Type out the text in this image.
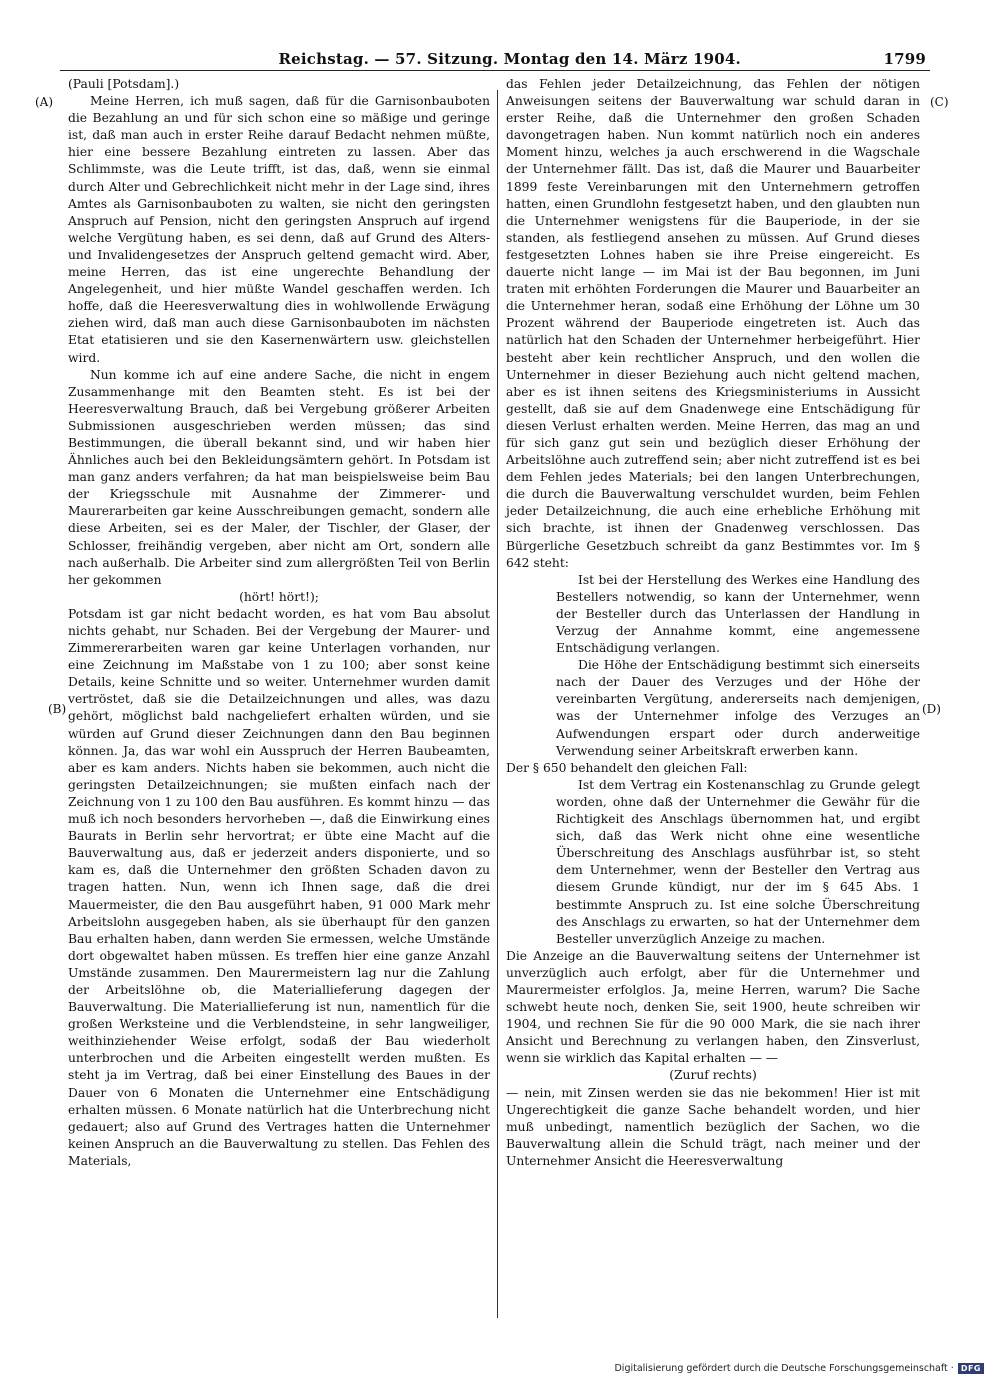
Reichstag. — 57. Sitzung. Montag den 14. März 1904.	1799
(A)
(B)
(C)
(D)

(Pauli [Potsdam].)

Meine Herren, ich muß sagen, daß für die Garnisonbauboten die Bezahlung an und für sich schon eine so mäßige und geringe ist, daß man auch in erster Reihe darauf Bedacht nehmen müßte, hier eine bessere Bezahlung eintreten zu lassen. Aber das Schlimmste, was die Leute trifft, ist das, daß, wenn sie einmal durch Alter und Gebrechlichkeit nicht mehr in der Lage sind, ihres Amtes als Garnisonbauboten zu walten, sie nicht den geringsten Anspruch auf Pension, nicht den geringsten Anspruch auf irgend welche Vergütung haben, es sei denn, daß auf Grund des Alters- und Invalidengesetzes der Anspruch geltend gemacht wird. Aber, meine Herren, das ist eine ungerechte Behandlung der Angelegenheit, und hier müßte Wandel geschaffen werden. Ich hoffe, daß die Heeresverwaltung dies in wohlwollende Erwägung ziehen wird, daß man auch diese Garnisonbauboten im nächsten Etat etatisieren und sie den Kasernenwärtern usw. gleichstellen wird.

Nun komme ich auf eine andere Sache, die nicht in engem Zusammenhange mit den Beamten steht. Es ist bei der Heeresverwaltung Brauch, daß bei Vergebung größerer Arbeiten Submissionen ausgeschrieben werden müssen; das sind Bestimmungen, die überall bekannt sind, und wir haben hier Ähnliches auch bei den Bekleidungsämtern gehört. In Potsdam ist man ganz anders verfahren; da hat man beispielsweise beim Bau der Kriegsschule mit Ausnahme der Zimmerer- und Maurerarbeiten gar keine Ausschreibungen gemacht, sondern alle diese Arbeiten, sei es der Maler, der Tischler, der Glaser, der Schlosser, freihändig vergeben, aber nicht am Ort, sondern alle nach außerhalb. Die Arbeiter sind zum allergrößten Teil von Berlin her gekommen

(hört! hört!);

Potsdam ist gar nicht bedacht worden, es hat vom Bau absolut nichts gehabt, nur Schaden. Bei der Vergebung der Maurer- und Zimmererarbeiten waren gar keine Unterlagen vorhanden, nur eine Zeichnung im Maßstabe von 1 zu 100; aber sonst keine Details, keine Schnitte und so weiter. Unternehmer wurden damit vertröstet, daß sie die Detailzeichnungen und alles, was dazu gehört, möglichst bald nachgeliefert erhalten würden, und sie würden auf Grund dieser Zeichnungen dann den Bau beginnen können. Ja, das war wohl ein Ausspruch der Herren Baubeamten, aber es kam anders. Nichts haben sie bekommen, auch nicht die geringsten Detailzeichnungen; sie mußten einfach nach der Zeichnung von 1 zu 100 den Bau ausführen. Es kommt hinzu — das muß ich noch besonders hervorheben —, daß die Einwirkung eines Baurats in Berlin sehr hervortrat; er übte eine Macht auf die Bauverwaltung aus, daß er jederzeit anders disponierte, und so kam es, daß die Unternehmer den größten Schaden davon zu tragen hatten. Nun, wenn ich Ihnen sage, daß die drei Mauermeister, die den Bau ausgeführt haben, 91 000 Mark mehr Arbeitslohn ausgegeben haben, als sie überhaupt für den ganzen Bau erhalten haben, dann werden Sie ermessen, welche Umstände dort obgewaltet haben müssen. Es treffen hier eine ganze Anzahl Umstände zusammen. Den Maurermeistern lag nur die Zahlung der Arbeitslöhne ob, die Materiallieferung dagegen der Bauverwaltung. Die Materiallieferung ist nun, namentlich für die großen Werksteine und die Verblendsteine, in sehr langweiliger, weithinziehender Weise erfolgt, sodaß der Bau wiederholt unterbrochen und die Arbeiten eingestellt werden mußten. Es steht ja im Vertrag, daß bei einer Einstellung des Baues in der Dauer von 6 Monaten die Unternehmer eine Entschädigung erhalten müssen. 6 Monate natürlich hat die Unterbrechung nicht gedauert; also auf Grund des Vertrages hatten die Unternehmer keinen Anspruch an die Bauverwaltung zu stellen. Das Fehlen des Materials,

das Fehlen jeder Detailzeichnung, das Fehlen der nötigen Anweisungen seitens der Bauverwaltung war schuld daran in erster Reihe, daß die Unternehmer den großen Schaden davongetragen haben. Nun kommt natürlich noch ein anderes Moment hinzu, welches ja auch erschwerend in die Wagschale der Unternehmer fällt. Das ist, daß die Maurer und Bauarbeiter 1899 feste Vereinbarungen mit den Unternehmern getroffen hatten, einen Grundlohn festgesetzt haben, und den glaubten nun die Unternehmer wenigstens für die Bauperiode, in der sie standen, als festliegend ansehen zu müssen. Auf Grund dieses festgesetzten Lohnes haben sie ihre Preise eingereicht. Es dauerte nicht lange — im Mai ist der Bau begonnen, im Juni traten mit erhöhten Forderungen die Maurer und Bauarbeiter an die Unternehmer heran, sodaß eine Erhöhung der Löhne um 30 Prozent während der Bauperiode eingetreten ist. Auch das natürlich hat den Schaden der Unternehmer herbeigeführt. Hier besteht aber kein rechtlicher Anspruch, und den wollen die Unternehmer in dieser Beziehung auch nicht geltend machen, aber es ist ihnen seitens des Kriegsministeriums in Aussicht gestellt, daß sie auf dem Gnadenwege eine Entschädigung für diesen Verlust erhalten werden. Meine Herren, das mag an und für sich ganz gut sein und bezüglich dieser Erhöhung der Arbeitslöhne auch zutreffend sein; aber nicht zutreffend ist es bei dem Fehlen jedes Materials; bei den langen Unterbrechungen, die durch die Bauverwaltung verschuldet wurden, beim Fehlen jeder Detailzeichnung, die auch eine erhebliche Erhöhung mit sich brachte, ist ihnen der Gnadenweg verschlossen. Das Bürgerliche Gesetzbuch schreibt da ganz Bestimmtes vor. Im § 642 steht:

Ist bei der Herstellung des Werkes eine Handlung des Bestellers notwendig, so kann der Unternehmer, wenn der Besteller durch das Unterlassen der Handlung in Verzug der Annahme kommt, eine angemessene Entschädigung verlangen.

Die Höhe der Entschädigung bestimmt sich einerseits nach der Dauer des Verzuges und der Höhe der vereinbarten Vergütung, andererseits nach demjenigen, was der Unternehmer infolge des Verzuges an Aufwendungen erspart oder durch anderweitige Verwendung seiner Arbeitskraft erwerben kann.

Der § 650 behandelt den gleichen Fall:

Ist dem Vertrag ein Kostenanschlag zu Grunde gelegt worden, ohne daß der Unternehmer die Gewähr für die Richtigkeit des Anschlags übernommen hat, und ergibt sich, daß das Werk nicht ohne eine wesentliche Überschreitung des Anschlags ausführbar ist, so steht dem Unternehmer, wenn der Besteller den Vertrag aus diesem Grunde kündigt, nur der im § 645 Abs. 1 bestimmte Anspruch zu. Ist eine solche Überschreitung des Anschlags zu erwarten, so hat der Unternehmer dem Besteller unverzüglich Anzeige zu machen.

Die Anzeige an die Bauverwaltung seitens der Unternehmer ist unverzüglich auch erfolgt, aber für die Unternehmer und Maurermeister erfolglos. Ja, meine Herren, warum? Die Sache schwebt heute noch, denken Sie, seit 1900, heute schreiben wir 1904, und rechnen Sie für die 90 000 Mark, die sie nach ihrer Ansicht und Berechnung zu verlangen haben, den Zinsverlust, wenn sie wirklich das Kapital erhalten — —

(Zuruf rechts)

— nein, mit Zinsen werden sie das nie bekommen! Hier ist mit Ungerechtigkeit die ganze Sache behandelt worden, und hier muß unbedingt, namentlich bezüglich der Sachen, wo die Bauverwaltung allein die Schuld trägt, nach meiner und der Unternehmer Ansicht die Heeresverwaltung

Digitalisierung gefördert durch die Deutsche Forschungsgemeinschaft · DFG
